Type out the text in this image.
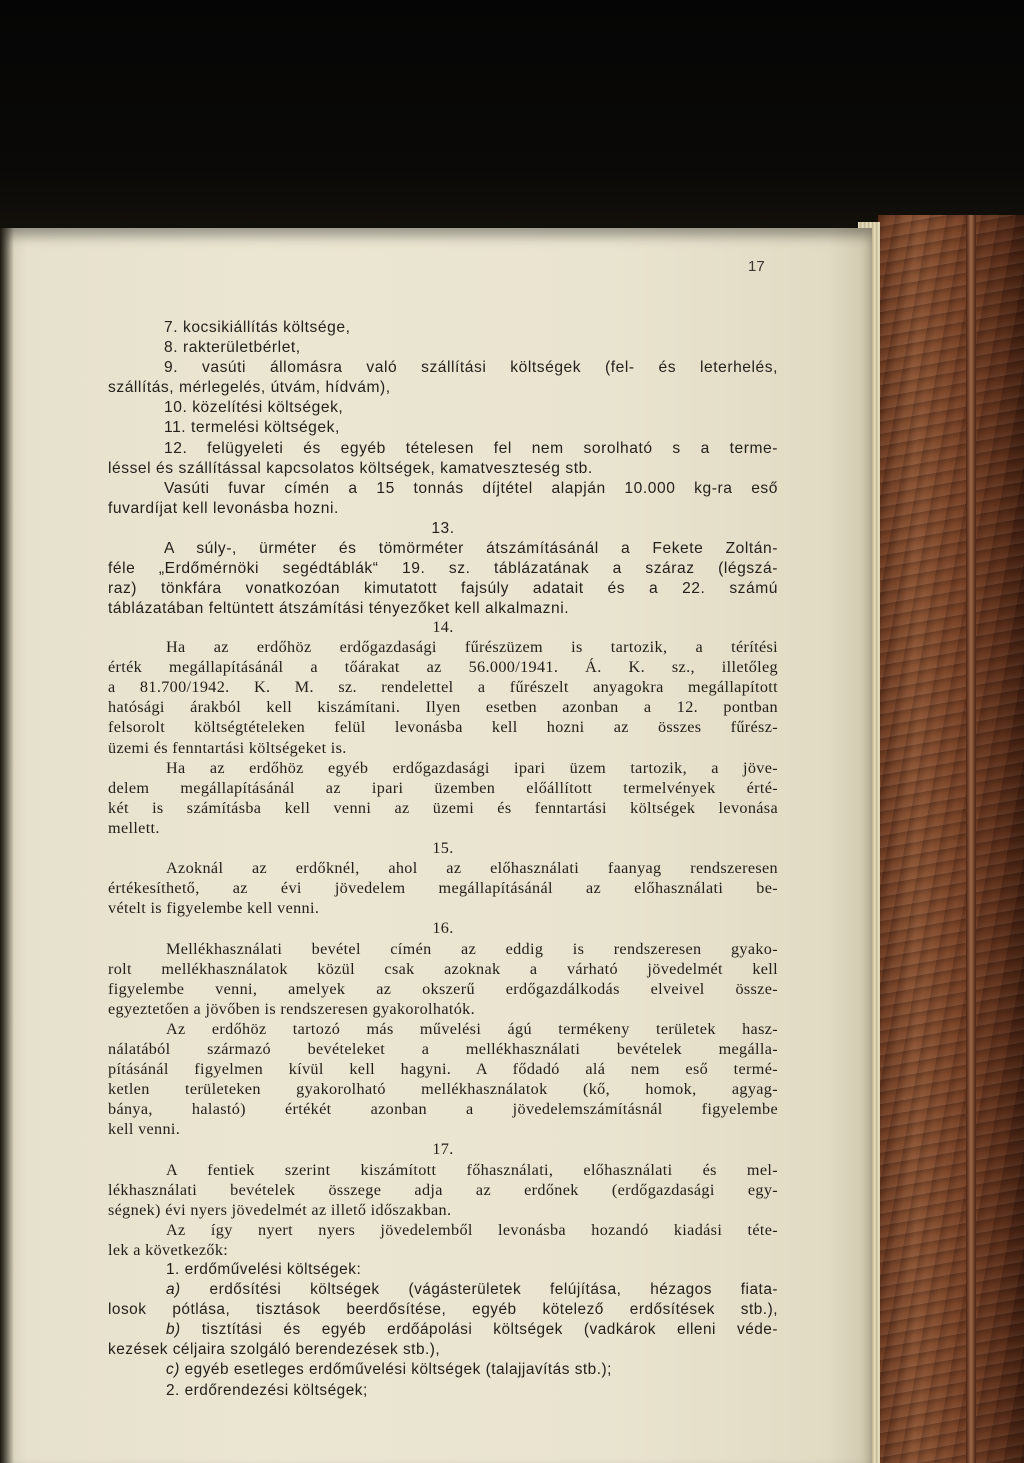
17
7. kocsikiállítás költsége,
8. rakterületbérlet,
9. vasúti állomásra való szállítási költségek (fel- és leterhelés,
szállítás, mérlegelés, útvám, hídvám),
10. közelítési költségek,
11. termelési költségek,
12. felügyeleti és egyéb tételesen fel nem sorolható s a terme-
léssel és szállítással kapcsolatos költségek, kamatveszteség stb.
Vasúti fuvar címén a 15 tonnás díjtétel alapján 10.000 kg-ra eső
fuvardíjat kell levonásba hozni.
13.
A súly-, ürméter és tömörméter átszámításánál a Fekete Zoltán-
féle „Erdőmérnöki segédtáblák“ 19. sz. táblázatának a száraz (légszá-
raz) tönkfára vonatkozóan kimutatott fajsúly adatait és a 22. számú
táblázatában feltüntett átszámítási tényezőket kell alkalmazni.
14.
Ha az erdőhöz erdőgazdasági fűrészüzem is tartozik, a térítési
érték megállapításánál a tőárakat az 56.000/1941. Á. K. sz., illetőleg
a 81.700/1942. K. M. sz. rendelettel a fűrészelt anyagokra megállapított
hatósági árakból kell kiszámítani. Ilyen esetben azonban a 12. pontban
felsorolt költségtételeken felül levonásba kell hozni az összes fűrész-
üzemi és fenntartási költségeket is.
Ha az erdőhöz egyéb erdőgazdasági ipari üzem tartozik, a jöve-
delem megállapításánál az ipari üzemben előállított termelvények érté-
két is számításba kell venni az üzemi és fenntartási költségek levonása
mellett.
15.
Azoknál az erdőknél, ahol az előhasználati faanyag rendszeresen
értékesíthető, az évi jövedelem megállapításánál az előhasználati be-
vételt is figyelembe kell venni.
16.
Mellékhasználati bevétel címén az eddig is rendszeresen gyako-
rolt mellékhasználatok közül csak azoknak a várható jövedelmét kell
figyelembe venni, amelyek az okszerű erdőgazdálkodás elveivel össze-
egyeztetően a jövőben is rendszeresen gyakorolhatók.
Az erdőhöz tartozó más művelési ágú termékeny területek hasz-
nálatából származó bevételeket a mellékhasználati bevételek megálla-
pításánál figyelmen kívül kell hagyni. A fődadó alá nem eső termé-
ketlen területeken gyakorolható mellékhasználatok (kő, homok, agyag-
bánya, halastó) értékét azonban a jövedelemszámításnál figyelembe
kell venni.
17.
A fentiek szerint kiszámított főhasználati, előhasználati és mel-
lékhasználati bevételek összege adja az erdőnek (erdőgazdasági egy-
ségnek) évi nyers jövedelmét az illető időszakban.
Az így nyert nyers jövedelemből levonásba hozandó kiadási téte-
lek a következők:
1. erdőművelési költségek:
a) erdősítési költségek (vágásterületek felújítása, hézagos fiata-
losok pótlása, tisztások beerdősítése, egyéb kötelező erdősítések stb.),
b) tisztítási és egyéb erdőápolási költségek (vadkárok elleni véde-
kezések céljaira szolgáló berendezések stb.),
c) egyéb esetleges erdőművelési költségek (talajjavítás stb.);
2. erdőrendezési költségek;
